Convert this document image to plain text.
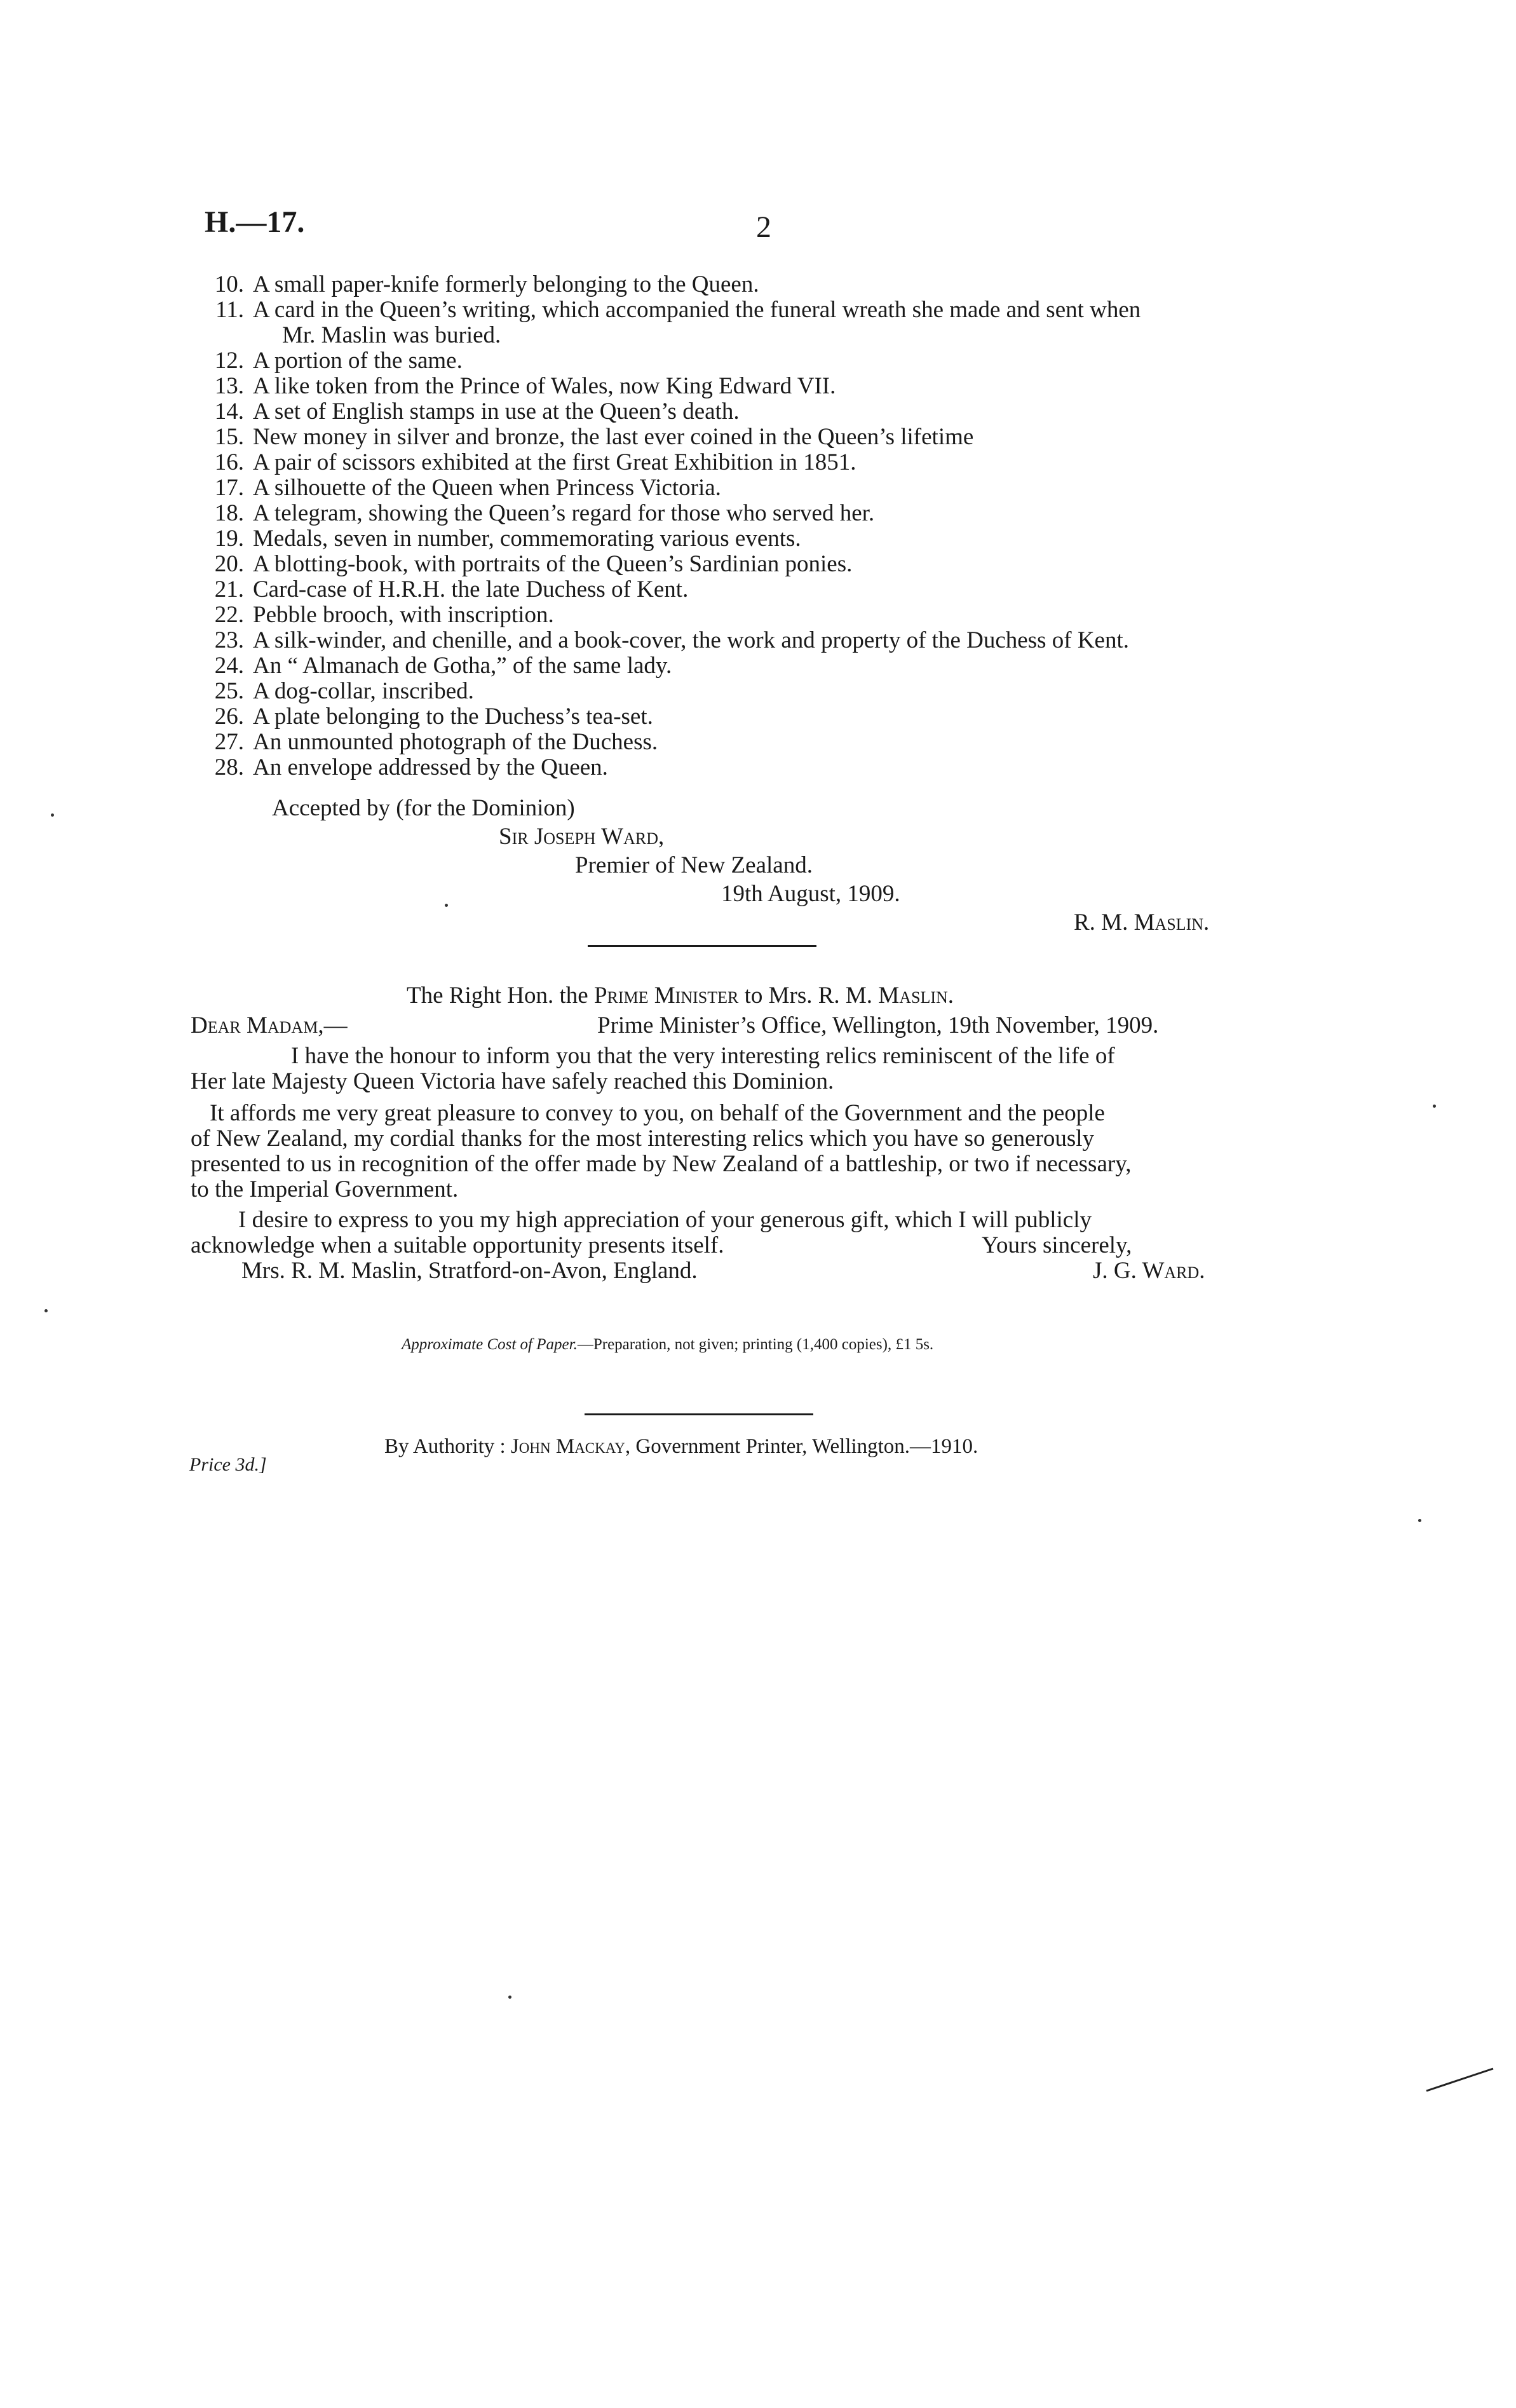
H.—17.	2
10. A small paper-knife formerly belonging to the Queen.
11. A card in the Queen’s writing, which accompanied the funeral wreath she made and sent when
Mr. Maslin was buried.
12. A portion of the same.
13. A like token from the Prince of Wales, now King Edward VII.
14. A set of English stamps in use at the Queen’s death.
15. New money in silver and bronze, the last ever coined in the Queen’s lifetime
16. A pair of scissors exhibited at the first Great Exhibition in 1851.
17. A silhouette of the Queen when Princess Victoria.
18. A telegram, showing the Queen’s regard for those who served her.
19. Medals, seven in number, commemorating various events.
20. A blotting-book, with portraits of the Queen’s Sardinian ponies.
21. Card-case of H.R.H. the late Duchess of Kent.
22. Pebble brooch, with inscription.
23. A silk-winder, and chenille, and a book-cover, the work and property of the Duchess of Kent.
24. An “ Almanach de Gotha,” of the same lady.
25. A dog-collar, inscribed.
26. A plate belonging to the Duchess’s tea-set.
27. An unmounted photograph of the Duchess.
28. An envelope addressed by the Queen.
Accepted by (for the Dominion)
Sir Joseph Ward,
Premier of New Zealand.
19th August, 1909.
R. M. Maslin.
The Right Hon. the Prime Minister to Mrs. R. M. Maslin.
Dear Madam,—	Prime Minister’s Office, Wellington, 19th November, 1909.
I have the honour to inform you that the very interesting relics reminiscent of the life of
Her late Majesty Queen Victoria have safely reached this Dominion.
It affords me very great pleasure to convey to you, on behalf of the Government and the people
of New Zealand, my cordial thanks for the most interesting relics which you have so generously
presented to us in recognition of the offer made by New Zealand of a battleship, or two if necessary,
to the Imperial Government.
I desire to express to you my high appreciation of your generous gift, which I will publicly
acknowledge when a suitable opportunity presents itself.	Yours sincerely,
Mrs. R. M. Maslin, Stratford-on-Avon, England.	J. G. Ward.
Approximate Cost of Paper.—Preparation, not given; printing (1,400 copies), £1 5s.
By Authority : John Mackay, Government Printer, Wellington.—1910.
Price 3d.]
